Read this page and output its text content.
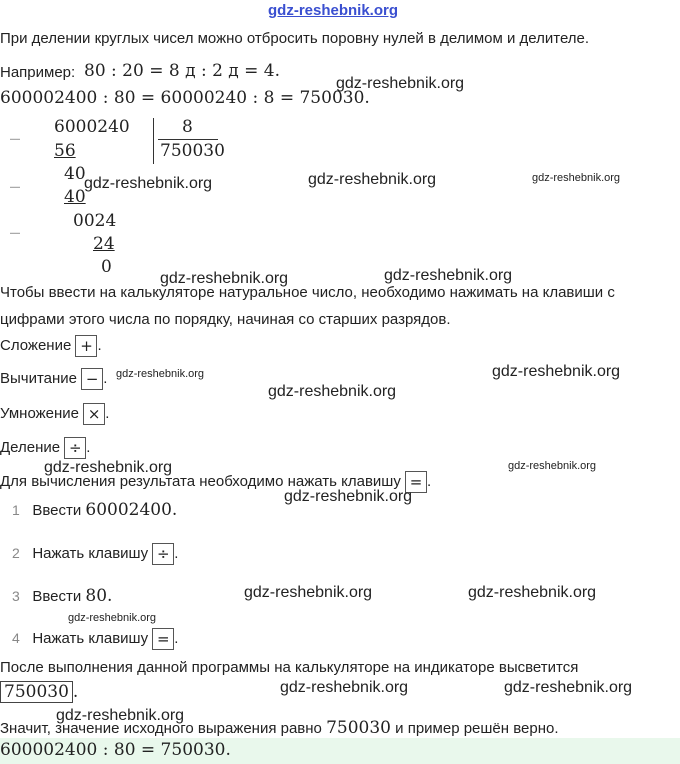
gdz-reshebnik.org
При делении круглых чисел можно отбросить поровну нулей в делимом и делителе.
Например: 80 : 20 = 8 д : 2 д = 4.
600002400 : 80 = 60000240 : 8 = 750030.
–
6000240	8
750030
56
–
40
40
–
0024
24
0
Чтобы ввести на калькуляторе натуральное число, необходимо нажимать на клавиши с
цифрами этого числа по порядку, начиная со старших разрядов.
Сложение + .
Вычитание − .
Умножение × .
Деление ÷ .
Для вычисления результата необходимо нажать клавишу = .
1 Ввести 60002400.
2 Нажать клавишу ÷ .
3 Ввести 80.
4 Нажать клавишу = .
После выполнения данной программы на калькуляторе на индикаторе высветится
750030 .
Значит, значение исходного выражения равно 750030 и пример решён верно.
600002400 : 80 = 750030.
gdz-reshebnik.org
gdz-reshebnik.org	gdz-reshebnik.org	gdz-reshebnik.org
gdz-reshebnik.org	gdz-reshebnik.org
gdz-reshebnik.org	gdz-reshebnik.org
gdz-reshebnik.org
gdz-reshebnik.org	gdz-reshebnik.org
gdz-reshebnik.org
gdz-reshebnik.org	gdz-reshebnik.org
gdz-reshebnik.org
gdz-reshebnik.org	gdz-reshebnik.org
gdz-reshebnik.org
